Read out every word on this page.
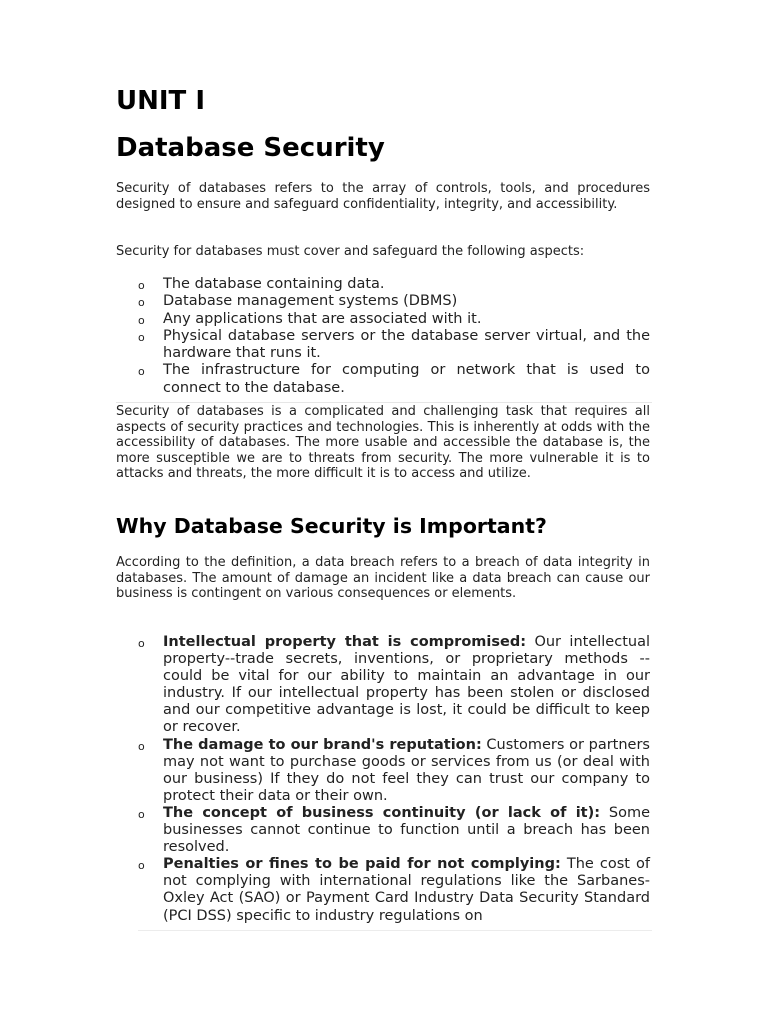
UNIT I
Database Security

Security of databases refers to the array of controls, tools, and procedures designed to ensure and safeguard confidentiality, integrity, and accessibility.

Security for databases must cover and safeguard the following aspects:

o The database containing data.
o Database management systems (DBMS)
o Any applications that are associated with it.
o Physical database servers or the database server virtual, and the hardware that runs it.
o The infrastructure for computing or network that is used to connect to the database.

Security of databases is a complicated and challenging task that requires all aspects of security practices and technologies. This is inherently at odds with the accessibility of databases. The more usable and accessible the database is, the more susceptible we are to threats from security. The more vulnerable it is to attacks and threats, the more difficult it is to access and utilize.

Why Database Security is Important?

According to the definition, a data breach refers to a breach of data integrity in databases. The amount of damage an incident like a data breach can cause our business is contingent on various consequences or elements.

o Intellectual property that is compromised: Our intellectual property--trade secrets, inventions, or proprietary methods -- could be vital for our ability to maintain an advantage in our industry. If our intellectual property has been stolen or disclosed and our competitive advantage is lost, it could be difficult to keep or recover.
o The damage to our brand's reputation: Customers or partners may not want to purchase goods or services from us (or deal with our business) If they do not feel they can trust our company to protect their data or their own.
o The concept of business continuity (or lack of it): Some businesses cannot continue to function until a breach has been resolved.
o Penalties or fines to be paid for not complying: The cost of not complying with international regulations like the Sarbanes-Oxley Act (SAO) or Payment Card Industry Data Security Standard (PCI DSS) specific to industry regulations on
